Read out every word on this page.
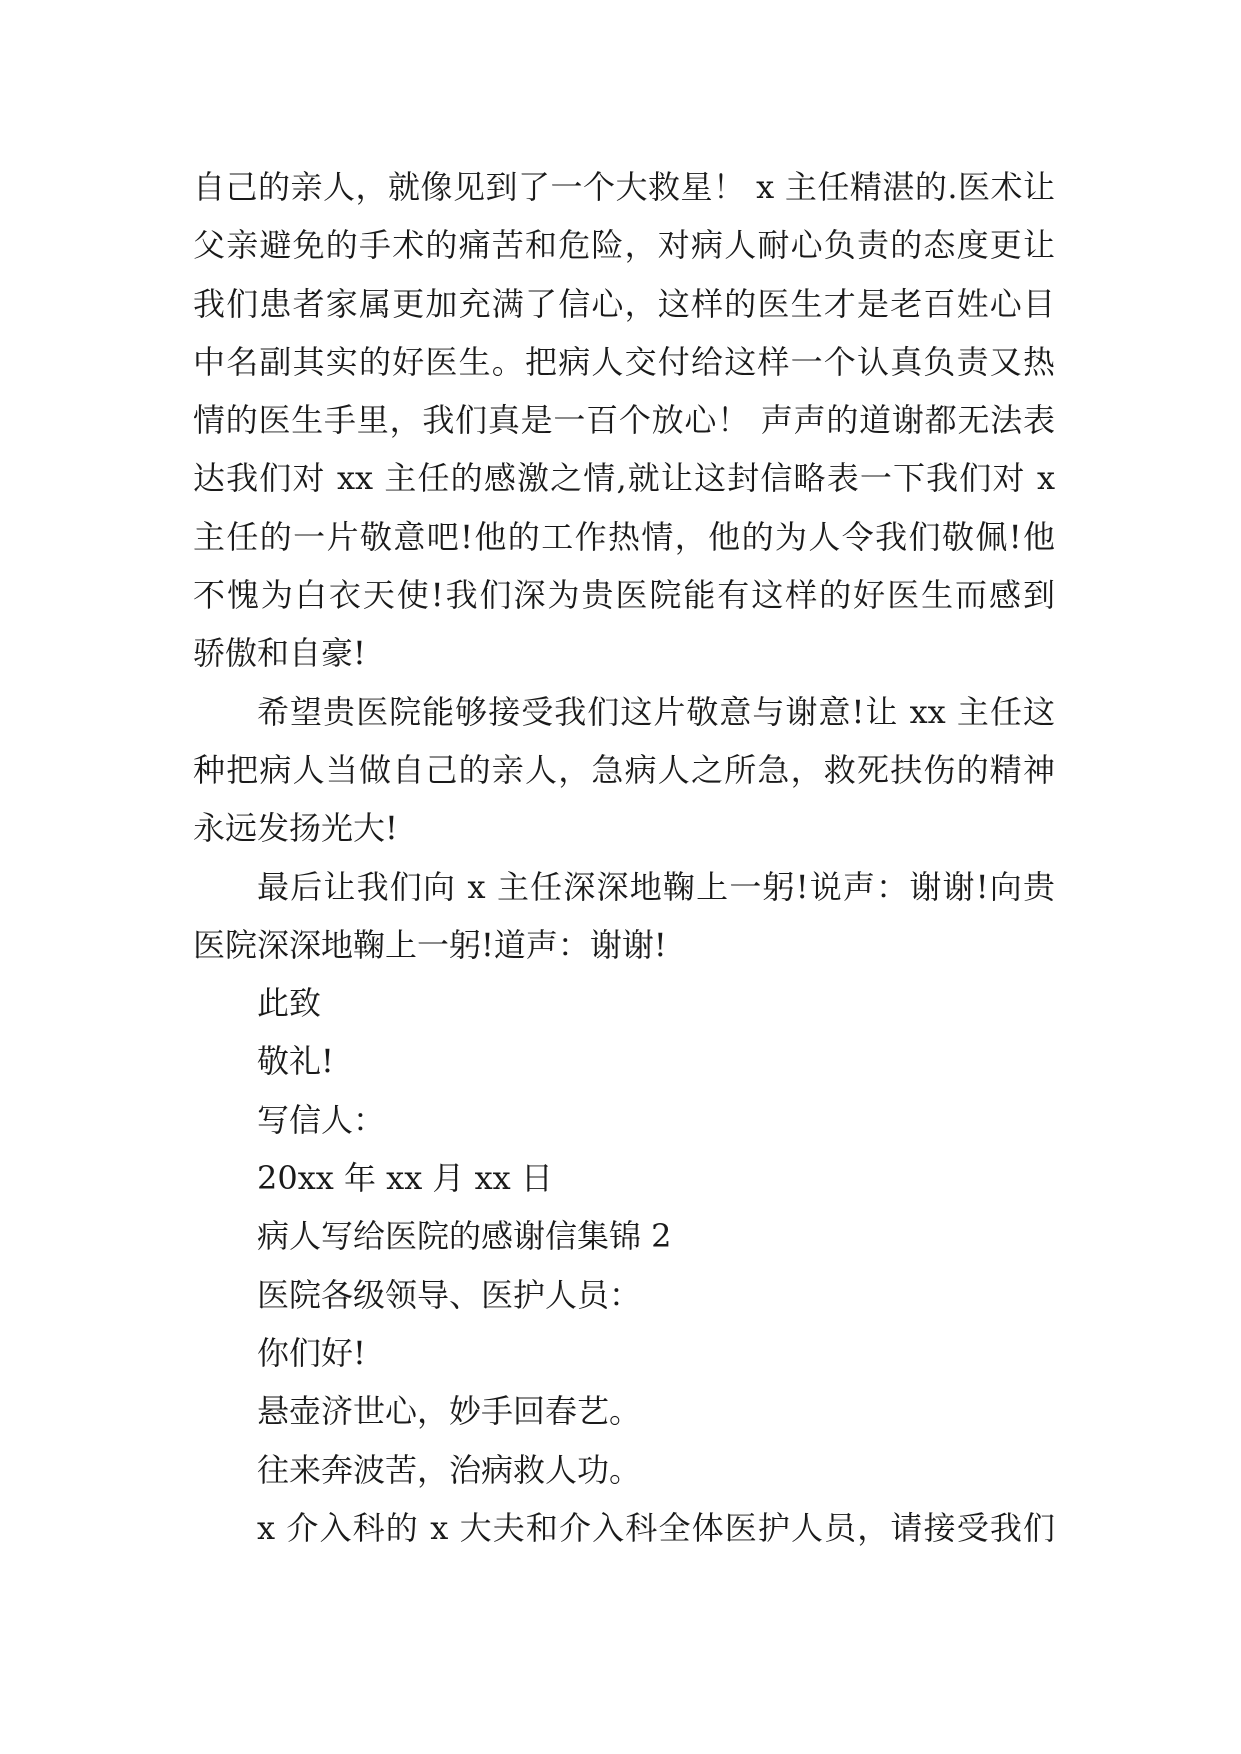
自己的亲人，就像见到了一个大救星！ x 主任精湛的.医术让
父亲避免的手术的痛苦和危险，对病人耐心负责的态度更让
我们患者家属更加充满了信心，这样的医生才是老百姓心目
中名副其实的好医生。把病人交付给这样一个认真负责又热
情的医生手里，我们真是一百个放心！ 声声的道谢都无法表
达我们对 xx 主任的感激之情,就让这封信略表一下我们对 x
主任的一片敬意吧!他的工作热情，他的为人令我们敬佩!他
不愧为白衣天使!我们深为贵医院能有这样的好医生而感到
骄傲和自豪!
希望贵医院能够接受我们这片敬意与谢意!让 xx 主任这
种把病人当做自己的亲人，急病人之所急，救死扶伤的精神
永远发扬光大!
最后让我们向 x 主任深深地鞠上一躬!说声：谢谢!向贵
医院深深地鞠上一躬!道声：谢谢!
此致
敬礼!
写信人：
20xx 年 xx 月 xx 日
病人写给医院的感谢信集锦 2
医院各级领导、医护人员：
你们好!
悬壶济世心，妙手回春艺。
往来奔波苦，治病救人功。
x 介入科的 x 大夫和介入科全体医护人员，请接受我们
